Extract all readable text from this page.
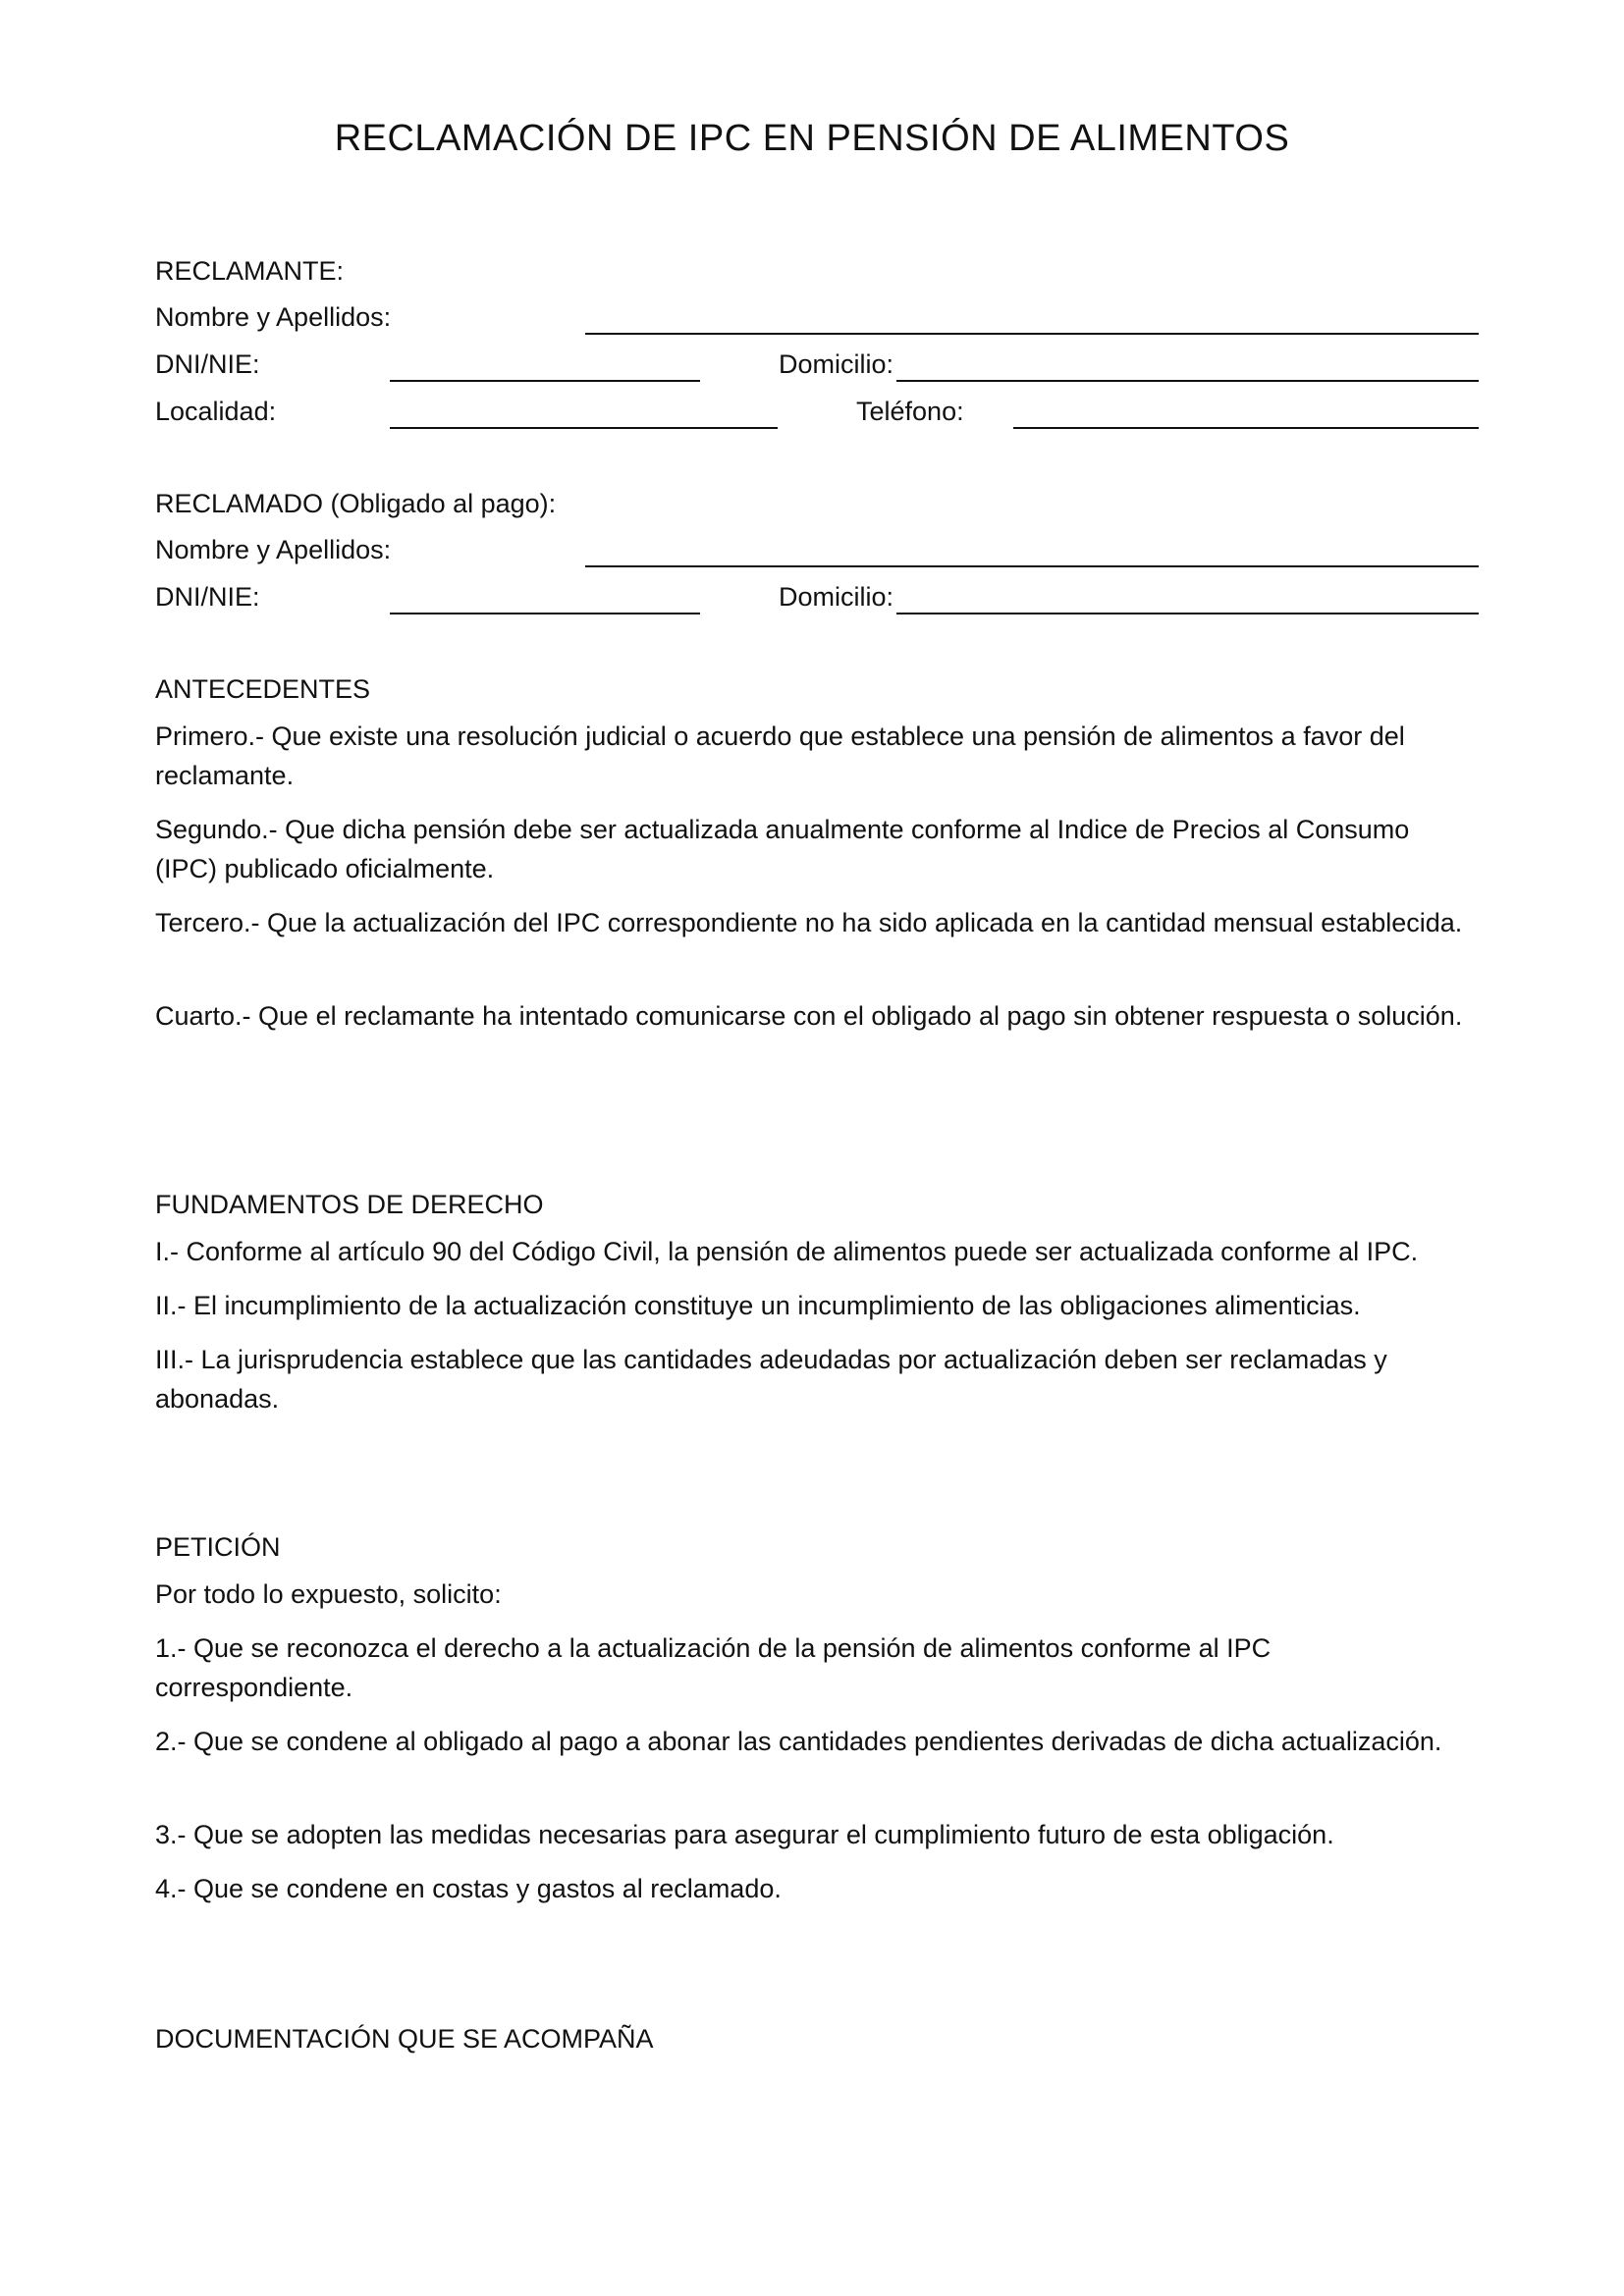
RECLAMACIÓN DE IPC EN PENSIÓN DE ALIMENTOS
RECLAMANTE:
Nombre y Apellidos:
DNI/NIE:	Domicilio:
Localidad:	Teléfono:
RECLAMADO (Obligado al pago):
Nombre y Apellidos:
DNI/NIE:	Domicilio:
ANTECEDENTES

Primero.- Que existe una resolución judicial o acuerdo que establece una pensión de alimentos a favor del reclamante.

Segundo.- Que dicha pensión debe ser actualizada anualmente conforme al Indice de Precios al Consumo (IPC) publicado oficialmente.

Tercero.- Que la actualización del IPC correspondiente no ha sido aplicada en la cantidad mensual establecida.

Cuarto.- Que el reclamante ha intentado comunicarse con el obligado al pago sin obtener respuesta o solución.

FUNDAMENTOS DE DERECHO

I.- Conforme al artículo 90 del Código Civil, la pensión de alimentos puede ser actualizada conforme al IPC.

II.- El incumplimiento de la actualización constituye un incumplimiento de las obligaciones alimenticias.

III.- La jurisprudencia establece que las cantidades adeudadas por actualización deben ser reclamadas y abonadas.

PETICIÓN
Por todo lo expuesto, solicito:

1.- Que se reconozca el derecho a la actualización de la pensión de alimentos conforme al IPC correspondiente.

2.- Que se condene al obligado al pago a abonar las cantidades pendientes derivadas de dicha actualización.

3.- Que se adopten las medidas necesarias para asegurar el cumplimiento futuro de esta obligación.

4.- Que se condene en costas y gastos al reclamado.

DOCUMENTACIÓN QUE SE ACOMPAÑA
